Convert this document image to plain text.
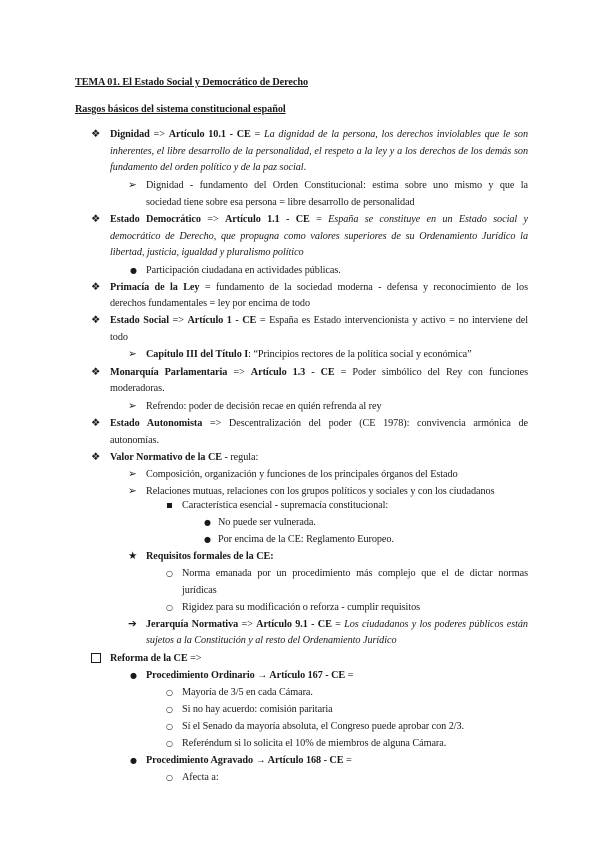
TEMA 01. El Estado Social y Democrático de Derecho
Rasgos básicos del sistema constitucional español
❖ Dignidad => Artículo 10.1 - CE = La dignidad de la persona, los derechos inviolables que le son
inherentes, el libre desarrollo de la personalidad, el respeto a la ley y a los derechos de los demás son
fundamento del orden político y de la paz social.
➢ Dignidad - fundamento del Orden Constitucional: estima sobre uno mismo y que la
sociedad tiene sobre esa persona = libre desarrollo de personalidad
❖ Estado Democrático => Artículo 1.1 - CE = España se constituye en un Estado social y
democrático de Derecho, que propugna como valores superiores de su Ordenamiento Jurídico la
libertad, justicia, igualdad y pluralismo político
● Participación ciudadana en actividades públicas.
❖ Primacía de la Ley = fundamento de la sociedad moderna - defensa y reconocimiento de los
derechos fundamentales = ley por encima de todo
❖ Estado Social => Artículo 1 - CE = España es Estado intervencionista y activo = no interviene del
todo
➢ Capítulo III del Título I: “Principios rectores de la política social y económica”
❖ Monarquía Parlamentaria => Artículo 1.3 - CE = Poder simbólico del Rey con funciones
moderadoras.
➢ Refrendo: poder de decisión recae en quién refrenda al rey
❖ Estado Autonomista => Descentralización del poder (CE 1978): convivencia armónica de
autonomías.
❖ Valor Normativo de la CE - regula:
➢ Composición, organización y funciones de los principales órganos del Estado
➢ Relaciones mutuas, relaciones con los grupos políticos y sociales y con los ciudadanos
Característica esencial - supremacía constitucional:
● No puede ser vulnerada.
● Por encima de la CE: Reglamento Europeo.
★ Requisitos formales de la CE:
○ Norma emanada por un procedimiento más complejo que el de dictar normas
jurídicas
○ Rigidez para su modificación o reforza - cumplir requisitos
➔ Jerarquía Normativa => Artículo 9.1 - CE = Los ciudadanos y los poderes públicos están
sujetos a la Constitución y al resto del Ordenamiento Jurídico
Reforma de la CE =>
● Procedimiento Ordinario → Artículo 167 - CE =
○ Mayoría de 3/5 en cada Cámara.
○ Si no hay acuerdo: comisión paritaria
○ Sí el Senado da mayoría absoluta, el Congreso puede aprobar con 2/3.
○ Referéndum si lo solicita el 10% de miembros de alguna Cámara.
● Procedimiento Agravado → Artículo 168 - CE =
○ Afecta a:
